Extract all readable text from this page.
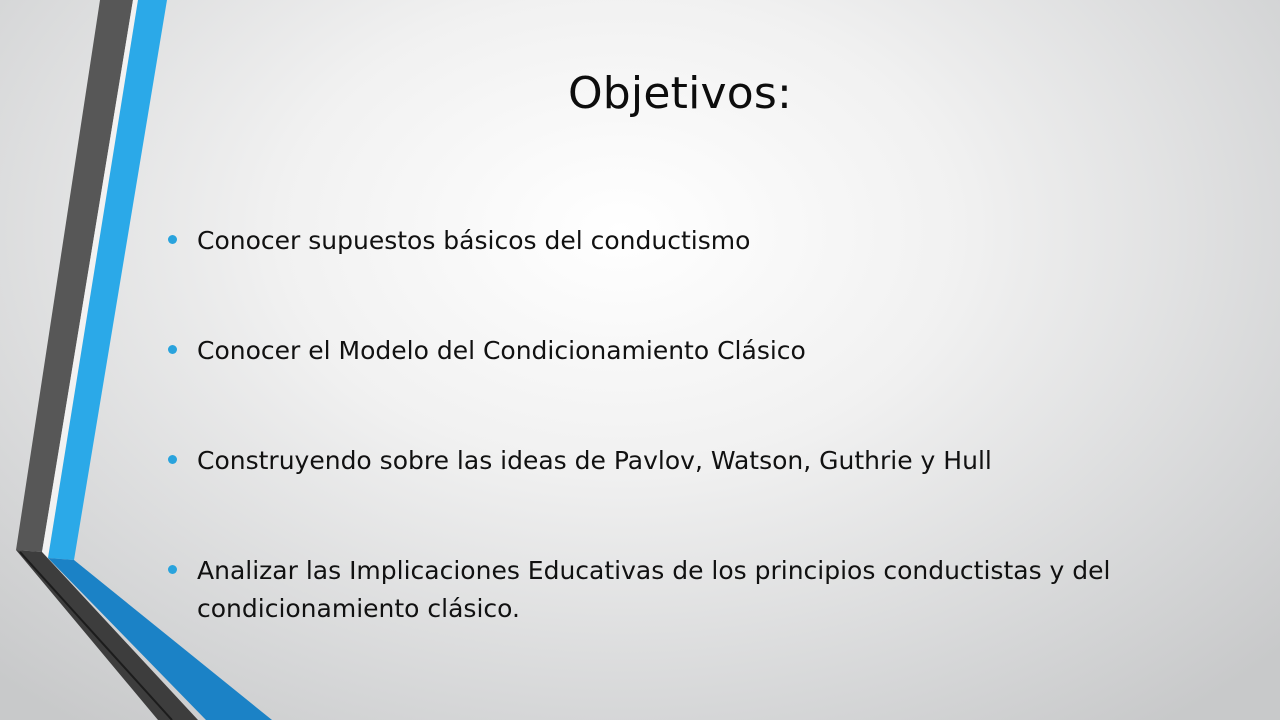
Objetivos:
Conocer supuestos básicos del conductismo
Conocer el Modelo del Condicionamiento Clásico
Construyendo sobre las ideas de Pavlov, Watson, Guthrie y Hull
Analizar las Implicaciones Educativas de los principios conductistas y del condicionamiento clásico.
